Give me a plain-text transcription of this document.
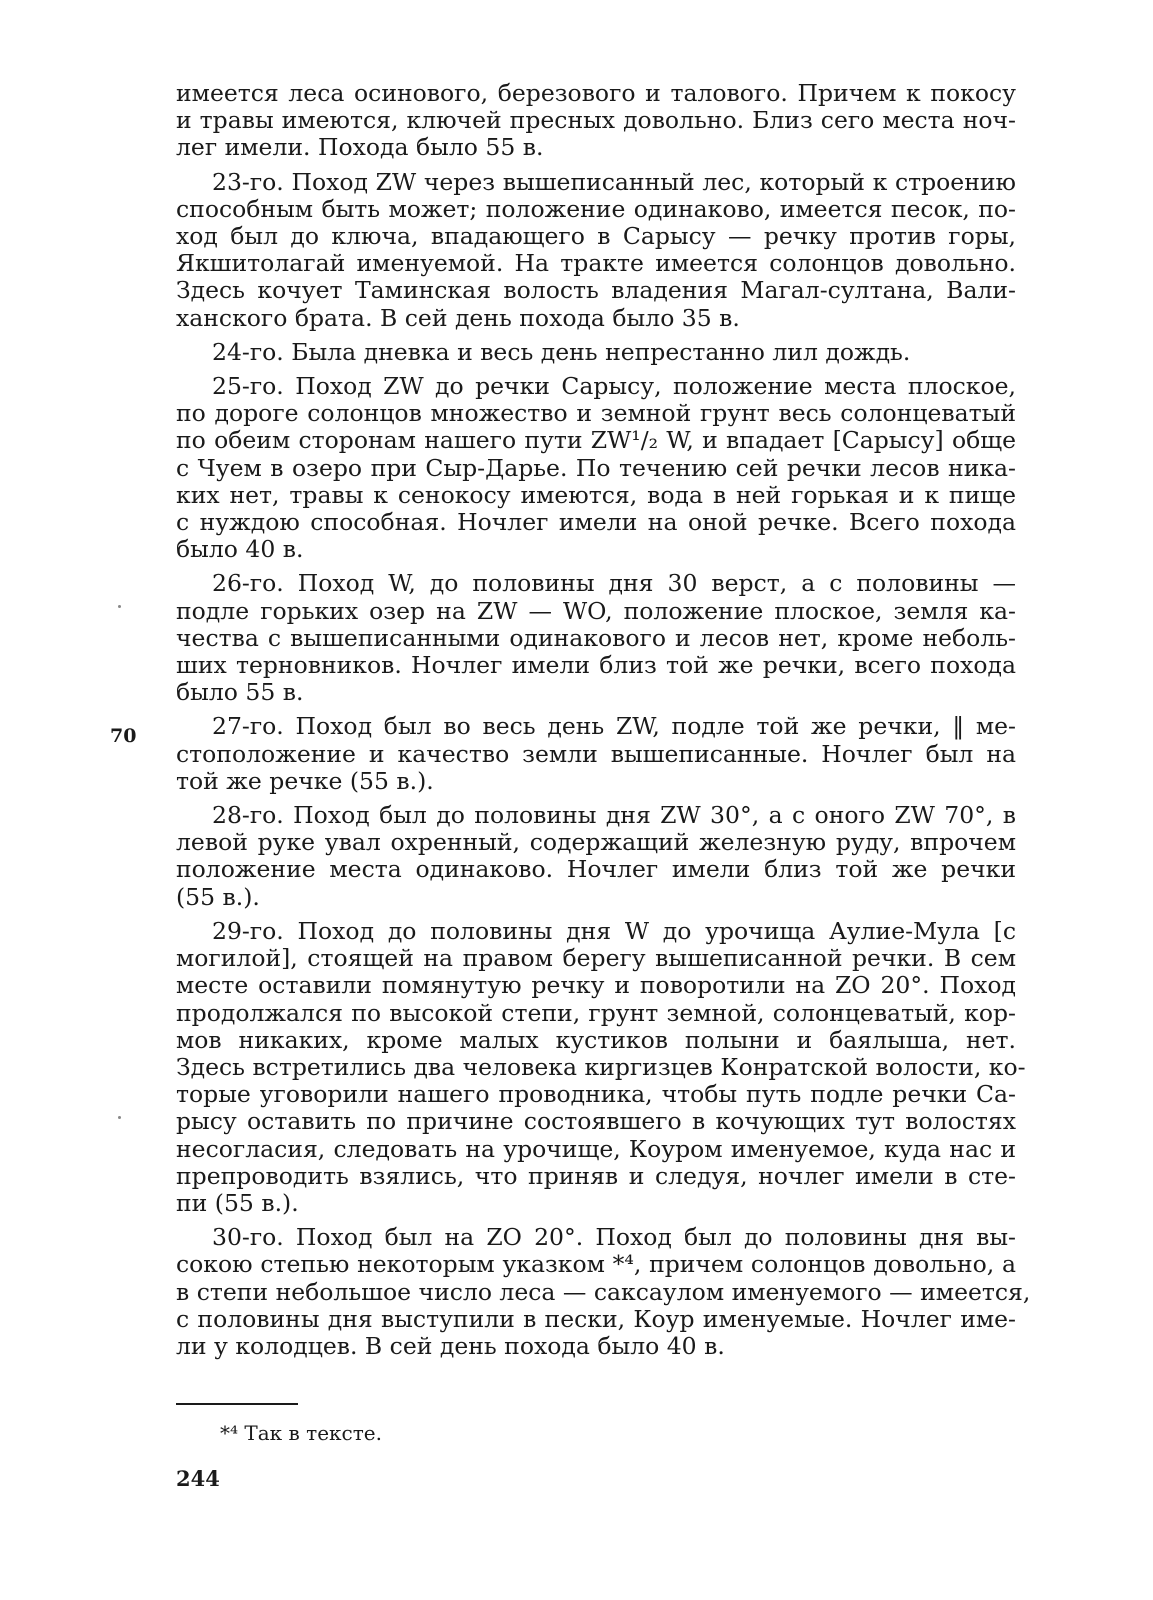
70
имеется леса осинового, березового и талового. Причем к покосу
и травы имеются, ключей пресных довольно. Близ сего места ноч-
лег имели. Похода было 55 в.
23-го. Поход ZW через вышеписанный лес, который к строению
способным быть может; положение одинаково, имеется песок, по-
ход был до ключа, впадающего в Сарысу — речку против горы,
Якшитолагай именуемой. На тракте имеется солонцов довольно.
Здесь кочует Таминская волость владения Магал-султана, Вали-
ханского брата. В сей день похода было 35 в.
24-го. Была дневка и весь день непрестанно лил дождь.
25-го. Поход ZW до речки Сарысу, положение места плоское,
по дороге солонцов множество и земной грунт весь солонцеватый
по обеим сторонам нашего пути ZW¹/₂ W, и впадает [Сарысу] обще
с Чуем в озеро при Сыр-Дарье. По течению сей речки лесов никa-
ких нет, травы к сенокосу имеются, вода в ней горькая и к пище
с нуждою способная. Ночлег имели на оной речке. Всего похода
было 40 в.
26-го. Поход W, до половины дня 30 верст, а с половины —
подле горьких озер на ZW — WO, положение плоское, земля ка-
чества с вышеписанными одинакового и лесов нет, кроме неболь-
ших терновников. Ночлег имели близ той же речки, всего похода
было 55 в.
27-го. Поход был во весь день ZW, подле той же речки, ‖ ме-
стоположение и качество земли вышеписанные. Ночлег был на
той же речке (55 в.).
28-го. Поход был до половины дня ZW 30°, а с оного ZW 70°, в
левой руке увал охренный, содержащий железную руду, впрочем
положение места одинаково. Ночлег имели близ той же речки
(55 в.).
29-го. Поход до половины дня W до урочища Аулие-Мула [с
могилой], стоящей на правом берегу вышеписанной речки. В сем
месте оставили помянутую речку и поворотили на ZO 20°. Поход
продолжался по высокой степи, грунт земной, солонцеватый, кор-
мов никаких, кроме малых кустиков полыни и баялыша, нет.
Здесь встретились два человека киргизцев Конратской волости, ко-
торые уговорили нашего проводника, чтобы путь подле речки Са-
рысу оставить по причине состоявшего в кочующих тут волостях
несогласия, следовать на урочище, Коуром именуемое, куда нас и
препроводить взялись, что приняв и следуя, ночлег имели в сте-
пи (55 в.).
30-го. Поход был на ZO 20°. Поход был до половины дня вы-
сокою степью некоторым указком *⁴, причем солонцов довольно, а
в степи небольшое число леса — саксаулом именуемого — имеется,
с половины дня выступили в пески, Коур именуемые. Ночлег име-
ли у колодцев. В сей день похода было 40 в.
*⁴ Так в тексте.
244
